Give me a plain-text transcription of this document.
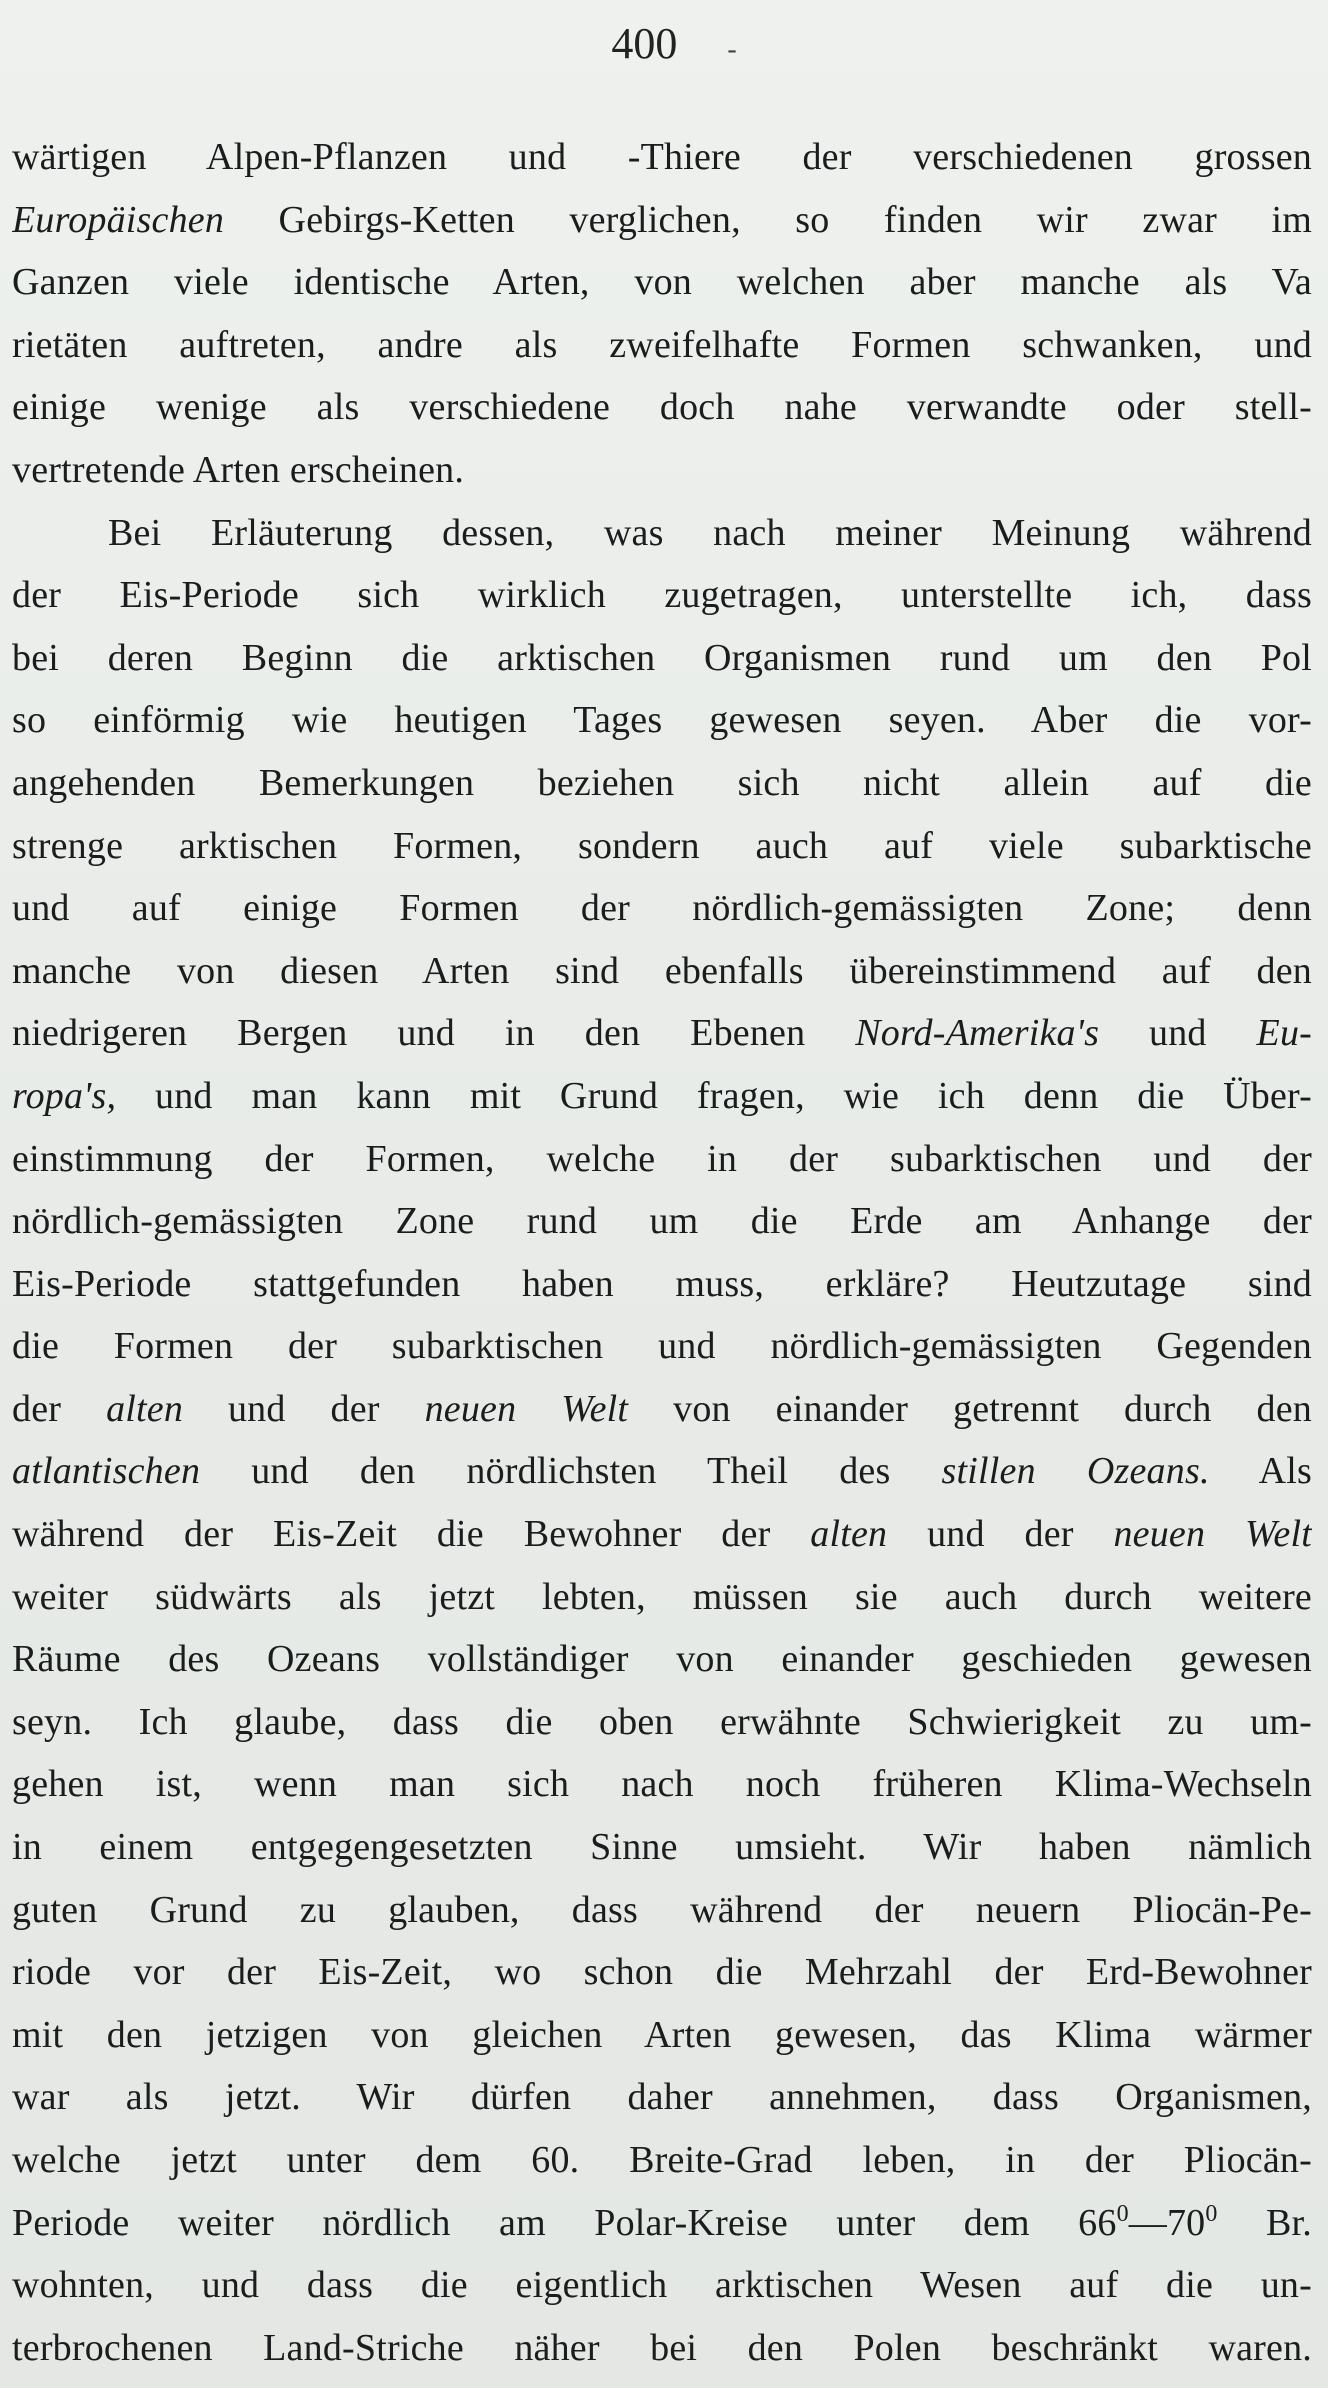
400 -
wärtigen Alpen-Pflanzen und -Thiere der verschiedenen grossen
Europäischen Gebirgs-Ketten verglichen, so finden wir zwar im
Ganzen viele identische Arten, von welchen aber manche als Va
rietäten auftreten, andre als zweifelhafte Formen schwanken, und
einige wenige als verschiedene doch nahe verwandte oder stell-
vertretende Arten erscheinen.
Bei Erläuterung dessen, was nach meiner Meinung während
der Eis-Periode sich wirklich zugetragen, unterstellte ich, dass
bei deren Beginn die arktischen Organismen rund um den Pol
so einförmig wie heutigen Tages gewesen seyen. Aber die vor-
angehenden Bemerkungen beziehen sich nicht allein auf die
strenge arktischen Formen, sondern auch auf viele subarktische
und auf einige Formen der nördlich-gemässigten Zone; denn
manche von diesen Arten sind ebenfalls übereinstimmend auf den
niedrigeren Bergen und in den Ebenen Nord-Amerika's und Eu-
ropa's, und man kann mit Grund fragen, wie ich denn die Über-
einstimmung der Formen, welche in der subarktischen und der
nördlich-gemässigten Zone rund um die Erde am Anhange der
Eis-Periode stattgefunden haben muss, erkläre? Heutzutage sind
die Formen der subarktischen und nördlich-gemässigten Gegenden
der alten und der neuen Welt von einander getrennt durch den
atlantischen und den nördlichsten Theil des stillen Ozeans. Als
während der Eis-Zeit die Bewohner der alten und der neuen Welt
weiter südwärts als jetzt lebten, müssen sie auch durch weitere
Räume des Ozeans vollständiger von einander geschieden gewesen
seyn. Ich glaube, dass die oben erwähnte Schwierigkeit zu um-
gehen ist, wenn man sich nach noch früheren Klima-Wechseln
in einem entgegengesetzten Sinne umsieht. Wir haben nämlich
guten Grund zu glauben, dass während der neuern Pliocän-Pe-
riode vor der Eis-Zeit, wo schon die Mehrzahl der Erd-Bewohner
mit den jetzigen von gleichen Arten gewesen, das Klima wärmer
war als jetzt. Wir dürfen daher annehmen, dass Organismen,
welche jetzt unter dem 60. Breite-Grad leben, in der Pliocän-
Periode weiter nördlich am Polar-Kreise unter dem $66^0—70^0$ Br.
wohnten, und dass die eigentlich arktischen Wesen auf die un-
terbrochenen Land-Striche näher bei den Polen beschränkt waren.
